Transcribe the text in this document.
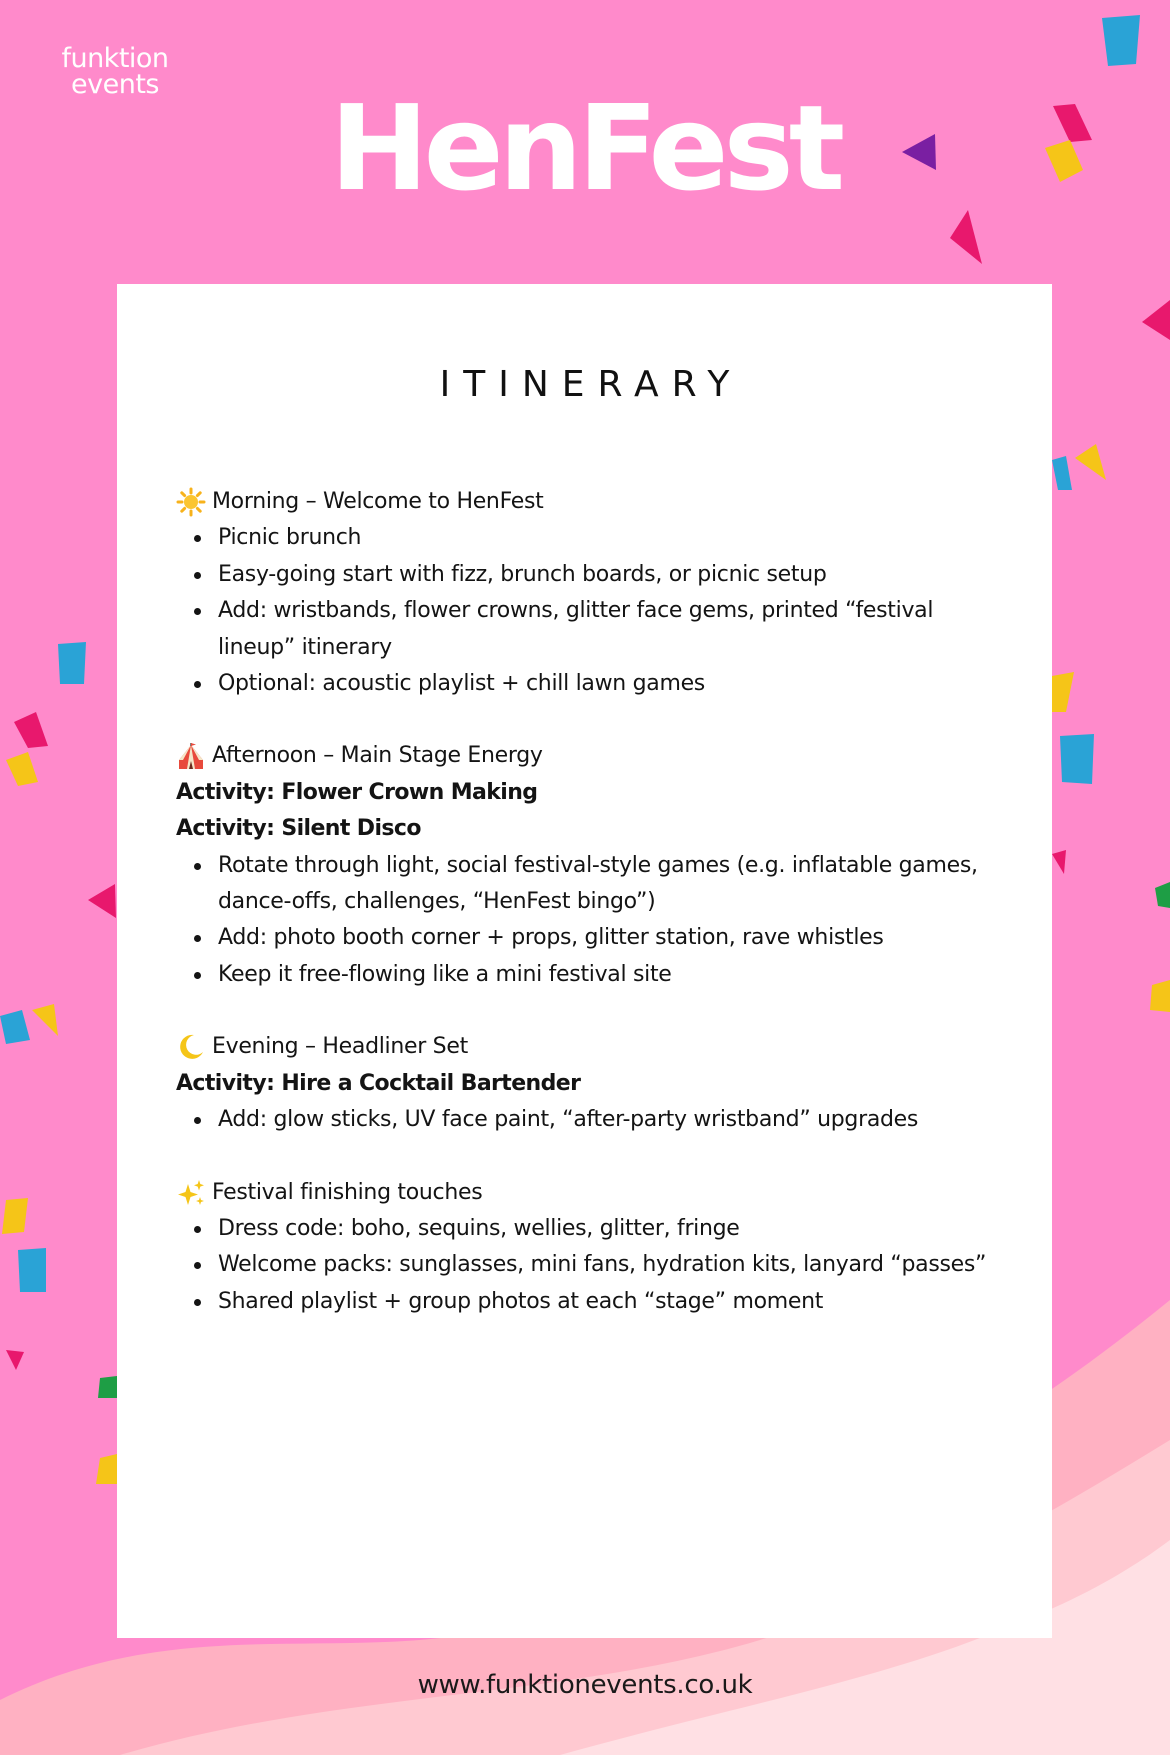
funktion
events	HenFest
ITINERARY
Morning – Welcome to HenFest
Picnic brunch
Easy-going start with fizz, brunch boards, or picnic setup
Add: wristbands, flower crowns, glitter face gems, printed “festival lineup” itinerary
Optional: acoustic playlist + chill lawn games
Afternoon – Main Stage Energy
Activity: Flower Crown Making
Activity: Silent Disco
Rotate through light, social festival-style games (e.g. inflatable games, dance-offs, challenges, “HenFest bingo”)
Add: photo booth corner + props, glitter station, rave whistles
Keep it free-flowing like a mini festival site
Evening – Headliner Set
Activity: Hire a Cocktail Bartender
Add: glow sticks, UV face paint, “after-party wristband” upgrades
Festival finishing touches
Dress code: boho, sequins, wellies, glitter, fringe
Welcome packs: sunglasses, mini fans, hydration kits, lanyard “passes”
Shared playlist + group photos at each “stage” moment
www.funktionevents.co.uk
